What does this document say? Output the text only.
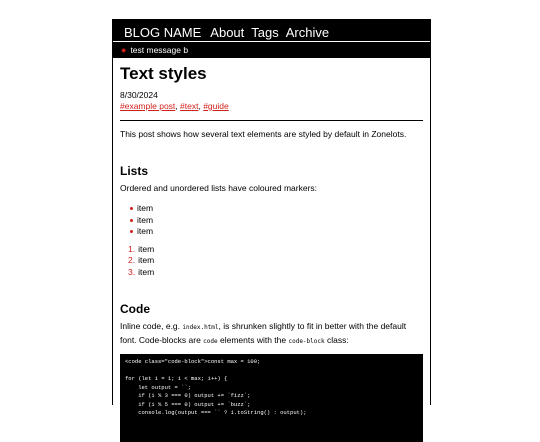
BLOG NAME About Tags Archive
● test message b
Text styles
8/30/2024
#example post, #text, #guide

This post shows how several text elements are styled by default in Zonelots.

Lists

Ordered and unordered lists have coloured markers:

item
item
item
1. item
2. item
3. item
Code

Inline code, e.g. index.html, is shrunken slightly to fit in better with the default font. Code-blocks are code elements with the code-block class:

<code class="code-block">const max = 100;

for (let i = 1; i < max; i++) {
let output = ``;
if (i % 3 === 0) output += `fizz`;
if (i % 5 === 0) output += `buzz`;
console.log(output === `` ? i.toString() : output);
